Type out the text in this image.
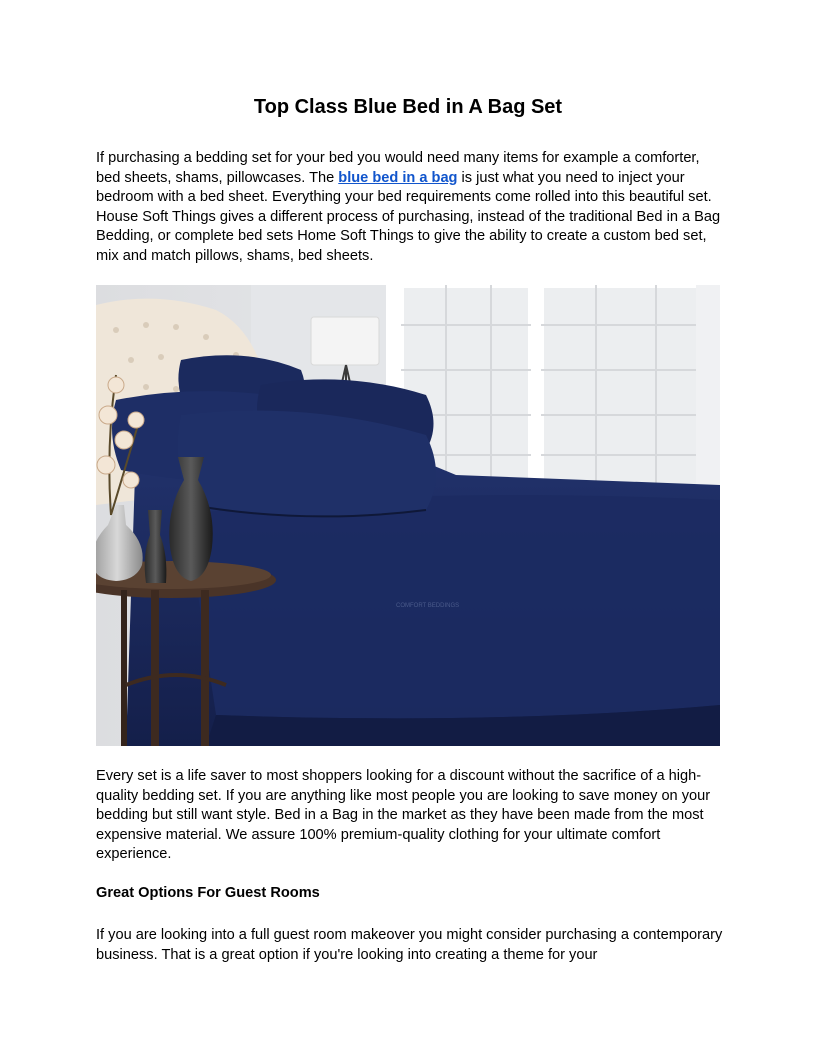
Top Class Blue Bed in A Bag Set

If purchasing a bedding set for your bed you would need many items for example a comforter, bed sheets, shams, pillowcases. The blue bed in a bag is just what you need to inject your bedroom with a bed sheet. Everything your bed requirements come rolled into this beautiful set. House Soft Things gives a different process of purchasing, instead of the traditional Bed in a Bag Bedding, or complete bed sets Home Soft Things to give the ability to create a custom bed set, mix and match pillows, shams, bed sheets.

COMFORT BEDDINGS

Every set is a life saver to most shoppers looking for a discount without the sacrifice of a high-quality bedding set. If you are anything like most people you are looking to save money on your bedding but still want style. Bed in a Bag in the market as they have been made from the most expensive material. We assure 100% premium-quality clothing for your ultimate comfort experience.

Great Options For Guest Rooms

If you are looking into a full guest room makeover you might consider purchasing a contemporary business. That is a great option if you're looking into creating a theme for your
